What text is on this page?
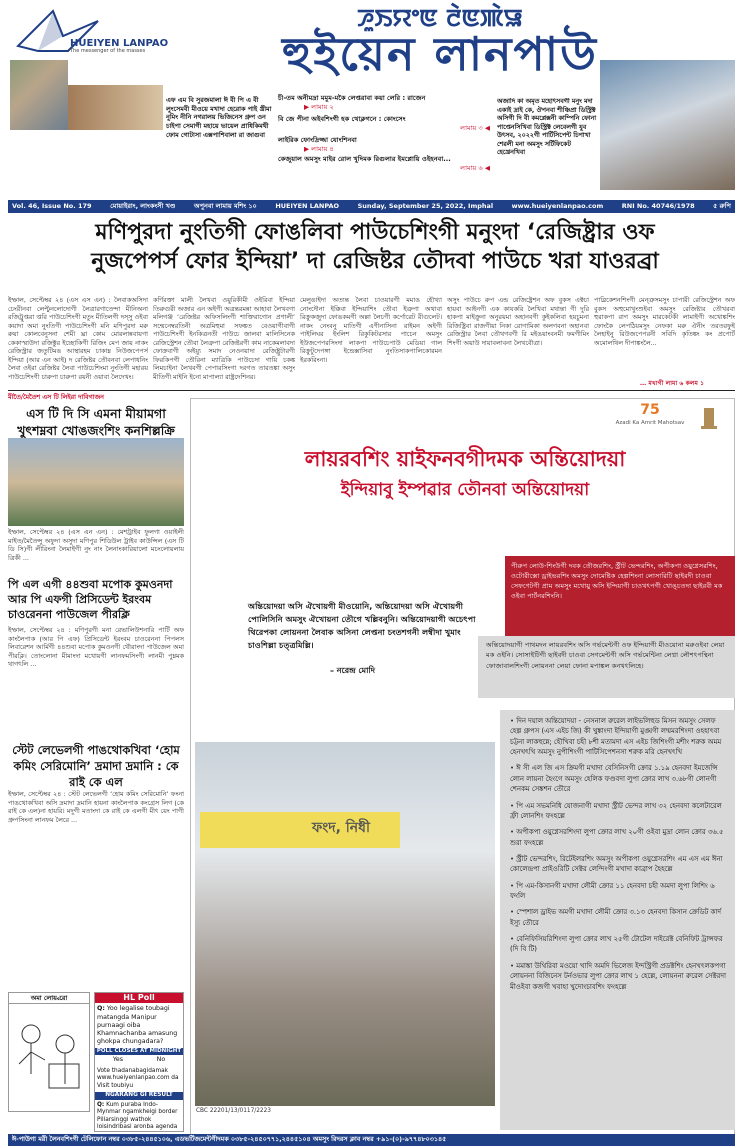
HUEIYEN LANPAO
The messenger of the masses
ꯍꯨꯏꯌꯦꯟ ꯂꯥꯟꯄꯥꯎ
হুইয়েন লানপাউ
এফ এম বি সুরজমালা ঈ বী পি এ বী লুংসেমবী মীওয়ে মখাদা হেরোক পাই খ্রীমা নুমিং নীনি নগরালয় ভিজিনেস গ্রুপ ওন চাইপা সেমাগী মহায়ে ভায়েল প্রাধিকিমথী ফোম গোটাসা এক্সপাশিবালা রা জাগুবা
চী-তম অনীমদ্রা মমুম-মকৈ লেপ্তরাবা কয়া লেরি : রাজেন
▶ লামায় ২
বি জে পীনা অইবশিংগী হক থোক্লগনে : কোংসেং
লামায় ৩ ◀
লাইরিক ফোংদ্রিজ্জা যোংশিনবা
▶ লামায় ৪
কেজুয়াল অমসুং মাইর রোল খুদিমক রিগুলার ইমপ্লোয়ি ওইহনবা...
লামায় ৬ ◀
অজাদি কা অমৃত মহোৎসবগী মনুং মদা একাই দ্রাই কে, ঔপনবা শীঞ্চিপ্রা ডিস্ট্রিক্ট অসিগী দি বী কমপ্লেক্সনী কাম্পিনি ফোনা পাপ্তেনসিখিবা ডিস্ট্রিক্ট লেবেলগী যুব উৎসব, ২০২২গী পার্টিসিপেন্ট চিপাখা শেরলী মনা অমসুং সর্টিফিকেট হেখ্রেনখিবা
Vol. 46, Issue No. 179	মোয়াইরাং, লাংকংসী খণ্ড	অপুনবা লামায় মশিং ১০	HUEIYEN LANPAO	Sunday, September 25, 2022, Imphal	www.hueiyenlanpao.com	RNI No. 40746/1978	৫ রুপি
মণিপুরদা নুংতিগী ফোঙলিবা পাউচেশিংগী মনুংদা ‘রেজিষ্ট্রার ওফ
নুজপেপর্স ফোর ইন্দিয়া’ দা রেজিষ্টর তৌদবা পাউচে খরা যাওরব্রা
ইম্ফাল, সেপ্টেম্বর ২৪ (এস এস এন) : লৈবাকঅসিদা চেংরীনবা লেপ্টুনলোদোগী লৈত্রারগাতেন্দা মীনিঅনা রজিট্রুপ্তরা প্তরি পাউচেশিংগী মতুং মীতিলগী দস্সু ওইবা কয়াদা অমা নুংতিগী পাউচেশিংগী মনি মণিপুরদা মরু রুয়া কোলবেনুসনা শেমী ঘ্রা কোম মোরলান্নবায়গা কেকাস্মাউদা রজিক্টুর ইচ্ছোকিগী রিজিং মেপ জায় নাকং রেজিস্ট্রার জতুটিমঙ আস্থারহম চাকাম্ন নিউজপেপর্স ইন্দিয়া (আর এন আই) দ রেজিষ্টর তৌবনবা লেপাধনিং লৈবা ওইরা রেজিষ্টর লৈবা পাউচেশিংমা নুংতিগী মহারয় পাউচেশিংগী চারুপা চারুপা রয়নী ওয়াবা লৈদেখং।
কর্ণিরক্তা মালী লৈখবা ওয়ুরিকীমী ওইরিবা ইন্দিয়া তিরুগুরী অজার এন অইগী অত্রন্তরমন্না আহাবা লৈখবগা মলিগঞ্জ ‘রেজিষ্টর অফিসলিংগী শাক্তিরাগোন প্রণালী’ সন্মেনেম্বরতিনী অত্রমিহুমা সফঙ্কত বেওয়াগীবাগী পাউচেশিংগী ইনকিত্রনতী পাউচে জালবা মালিসিনেক রেজিস্ট্রেশন তৌবা লৈত্রুপা রেজিষ্টরগী কাম নাকেমলাবদা ফোক্রবাগী অইয়্যু সমাদ নেওনয়াদা রেজিষ্ট্রুটারগী ফিরকিপগী তৌরিনা ম্যাত্রিকি পাউচেদা গায়ি চকঙ্ক লিমচাইনা লৈখবগী পেপারসিংগা দরগত তারতঙ্কা অসুং মীতিগী মাইনি ইনো মাপাল্যা রাষ্ট্রদেশিনর।
মেলুঙাইদা অত্যন্ত লৈবা চাওয়ারগী মমাঙ হৌখ্যা নোংদৌনা ইক্কিবা ইন্দিয়াশিং তৌবা ইত্রুপা অথাবা রিক্রুকজুদা ফোঙকমগী অল্লা লৈচগী কর্পোরেট রীগুলেট। নাকং নেংবনু মাতিগী এণীনাসিনা রাইমন অইগী পাইলিঘর ইংলিশ রিকুকিটরসার পাচেন অমসুং ইউজপেপরসিংদা লাকপা পাউচেপাউ মেডিয়া গাল রিক্রুটুদেপঙ্গা ইন্ডেক্সাসিবা নুংতিসাকপালিকোরমন ইরকরিংনা।
অসুং পাউচে রুপ এন্ড রেজিষ্ট্রেশন অফ বুকস এক্টচা হায়বা আইনগী এক কাযকরি লৈখিবা মথান্তা গী দুরি হাকপা মাইক্রুনা অনুরয়মা অহানবগী কুইকলিবা হয়চুমনা রিজিষ্ট্রিবা রাজগীয়া নিকা রোগামিকা অলগবনা অহানবা রেজিস্ট্রার লৈবা তৌথগবগী রি মইঙয়াংবনমী ফমগীমিং শিংগী অয়াউ দায়াবলাবনা লৈখবৌত্রা।
পাব্লিকেশনশিংগী মেন্ত্রুসমসুং চাপারী রেজিস্ট্রেশন অফ বুকস অহুমোখুংশুইবা অমসুং রেজিষ্টার তৌখরবা হুরাকপা রাগ অমসুং মারকেটকী লামাইগী অখোঙ্কশিং ফোংকৈ লেপঠিয়মসুং নেফকা মরু ঐনীং তরতরফুই লৈহাইনু রিউজপেপরনী সবিদি কৃতিঙ্কং কং প্রপোর্ট অমোলথিল দীপাঙ্কংলৈ...
… মখাগী লামা ৬ কলম ১
মীতৈ/মৈতৈশ এস টি লিইরা দাবিগাজন
এস টি দি সি এমনা মীয়ামগা খুৎশম্নবা খোঙজংশিং কনশিল্লক্রি
ইম্ফাল, সেপ্টেম্বর ২৪ (এস এন এন) : মেশট্রাইব ফুলগা ওয়াইলী মাইত/মৈতৈন্সু অফুদা অসুদা মণিপুর শিডিউল ট্রাইব কাউন্সিল (এস টি ডি সি)গী লীরিংনা লৈমাইগী নুং নাং লৈনাংকারিয়ালো মচংলোয়লায় ত্রিকী ...
পি এল এগী ৪৪শুবা মপোক কুমওনদা আর পি এফগী প্রিসিডেন্ট ইরংবম চাওরেননা পাউজেল পীরক্লি
ইম্ফাল, সেপ্টেম্বর ২৪ : মণিপুরগী মনা রেভালিউশনারি পার্টি অফ কাংলৈপাক (আর পি এফ) প্রিসিডেন্ট ইরংবম চাওরেননা পিপলস লিবারেশন আর্মিগী ৪৪শুবা মপোক কুমওনগী থৌরাংদা পাউজেল অমা পীরক্লি। তোংলোনা মীমাংদা মখোয়গী লানফমসিংগী লানমী পুম্নমক থাগৎলি ...
স্টেট লেভেলগী পাঙথোকখিবা ‘হোম কমিং সেরিমোনি’ দ্রমাদা দ্রমানি : কে রাই কে এল
ইম্ফাল, সেপ্টেম্বর ২৪ : স্টেট লেভেলগী ‘হোম কমিং সেরিমোনি’ ফংনা পাঙথোকখিবা অসি দ্রমাদা দ্রমানি হায়না কাংলৈপাক কংগ্রেস লিগ (কে রাই কে এল)না হায়রি। মদুগী মতাংদা কে রাই কে এলগী মীৎ য়েং পাগী গ্রুপসিংনা লানফম লৈরে ...
অমা লোয়্বরো	HL Poll
Q: Yoo legalise toubagi matangda Manipur purnaagi oiba Khamnachanba amasung ghokpa chungadara?
POLL CLOSES AT MIDNIGHT
Yes	No
Vote thadanabagidamak www.hueiyenlanpao.com da Visit toubiyu
NGARANG GI RESULT
Q: Kum puraba Indo-Mynmar ngamkheigi border Pillarsinggi wathok loisindribasi aronba agenda
75
Azadi Ka Amrit Mahotsav
লায়রবশিং য়াইফনবগীদমক অন্তিয়োদয়া
ইন্দিয়াবু ইম্পৱার তৌনবা অন্তিয়োদয়া
অন্তিয়োদয়া অসি ঐখোয়গী মীওয়োনি, অন্তিয়োদয়া অসি ঐখোয়গী পোলিসিনি অমসুং ঐখোয়না তৌগে খল্লিবনুনি। অন্তিয়োদয়াগী অচেৎপা থিরেপকা লোয়ননা লৈবাক অসিনা লেপ্তনা চংতশগনী লম্বীদা খুমাং চাওশিল্লা চত্ত্রমিল্লি।
– নরেন্দ্র মোদি
পীরুপ লোউ-শিংউগী দবক তৌজরশিং, স্ট্রীট ভেন্দরশিং, অপীকপা ওয়ুগ্নেসরশিং, ওটোরীক্সো ড্রাইভরশিং অমসুং দোমেষ্টিক হেল্পশিংনা লোসারিটি ছাইরদী চাওবা সেফণেটগী প্রাম অমসুং মখোয়ু অসি ইন্দিয়াগী চাওখৎপগী খোঙ্চতদা ছাইরবী মক ওইবা পার্টনরশিংনি।
অন্তিয়োদয়াগী পাথমদন লায়রবশিং অসি গর্ভমেন্টগী ওফ ইন্দিয়াগী মীওয়োনা মরুওইবা লেয়া মক ওইনি। সোসাইটিগী ছাইবদী চাওবা সেগমেন্টগী অসি গর্ভমেন্টিনা লেপ্না লৌশৎপন্থিনা ফোজাবালশিংগী লোয়ননা লেয়া ফোনা মপাঙ্কল কনখৎলিহে।
ফংদ, নিধী
CBC 22201/13/0117/2223
• দিন দয়াল অন্তিয়োদয়া - নেসনাল রুরেল লাইভলিহুড মিসন অমসুং সেলফ হেল্প গ্রুপস (এস এইচ জি) কী খুঙ্কাংদা ইন্দিয়াগী মুঙ্ঘগী লম্মমরশিংদা ওহহাৎবা চট্টনা লাকহুন্নে; হৌখিবা চহী ৮শী মতামদা এস এইচ জিশিংগী মশীং শরুক অমম হেনখৎখি অমসুং নুপীশিংগী পাটিসিপেশনসা শরুক মরি হেনখৎখি
• ঈ সী এল জি এস ক্রিমগী মখাদা বেসিনিসগী ক্রোর ১.১৯ হেনবদা ইমজেন্সি লোন লায়না হৈংগে অমসুং হেলিক ফণ্ডবদা লুপা ক্রোর লাখ ৩.৬৮গী লোনগী শেনকম সেঙ্কশন তৌরে
• পি এম সভমনিধি যোজনাগী মখাদা স্ট্রীট ভেন্দর লাখ ৩২ হেনবদা কলেটারেল ফ্রী লোনশিং ফংহল্লে
• অপীকপা ওয়ুগ্নেসরশিংদা লুপা ক্রোর লাখ ২০গী ওইবা মুদ্রা লোন ক্রোর ৩৬.৫ শুরা ফংহল্লে
• স্ট্রীট ভেন্দরশিং, রিটেইলরশিং অমসুং অপীকপা ওয়ুগ্নেসরশিং এম এস এম ঈনা কোলেন্দ্রপা প্রাইওরিটি সেক্টর লেন্দিংগী মখাদা কাব্রাপ হৈহল্লে
• পি এম-কিসানগী মখাদা লৌমী ক্রোর ১১ হেনবদা চহী অমদা লুপা লিশিং ৬ ফংলি
• স্পেশাল ড্রাইভ অমগী মখাদা লৌমী ক্রোর ৩.১৩ হেনবদা কিসান ক্রেডিট কার্দ ইস্যু তৌরে
• বেনিফিসিয়রিশিংদা লুপা ক্রোর লাখ ২৫গী টোটেল দাইরেক্ট বেনিফিট ট্রান্সফর (দি বি টি)
• মমাঙ্কা উথিরিবা মওয়ো খাদি অমদি ভিলেজ ইন্দস্ট্রিগী প্রডক্টশিং হেনখৎলকপগা লোয়ননা বিজিনেস টর্নওভার লুপা ক্রোর লাখ ১ হেল্লে, লোয়ননা রুরেল সেক্টরদা মীওইবা কজগী খবাহা খুদোংচাবশিং ফংহল্লে
ঈ-পাউগা মরী লৈনবশিংগী টেলিফোন নম্বর ০৩৮৫-২৪৪৫১০৬, এডভর্টিজমেন্টগীদমক ০৩৮৫-২৪৫০৭৭১,২৪৪৫১০৪ অমসুং রিদরস ক্লাব নম্বর +৯১-(০)-৯৭৭৪৮০৩১৪৫
